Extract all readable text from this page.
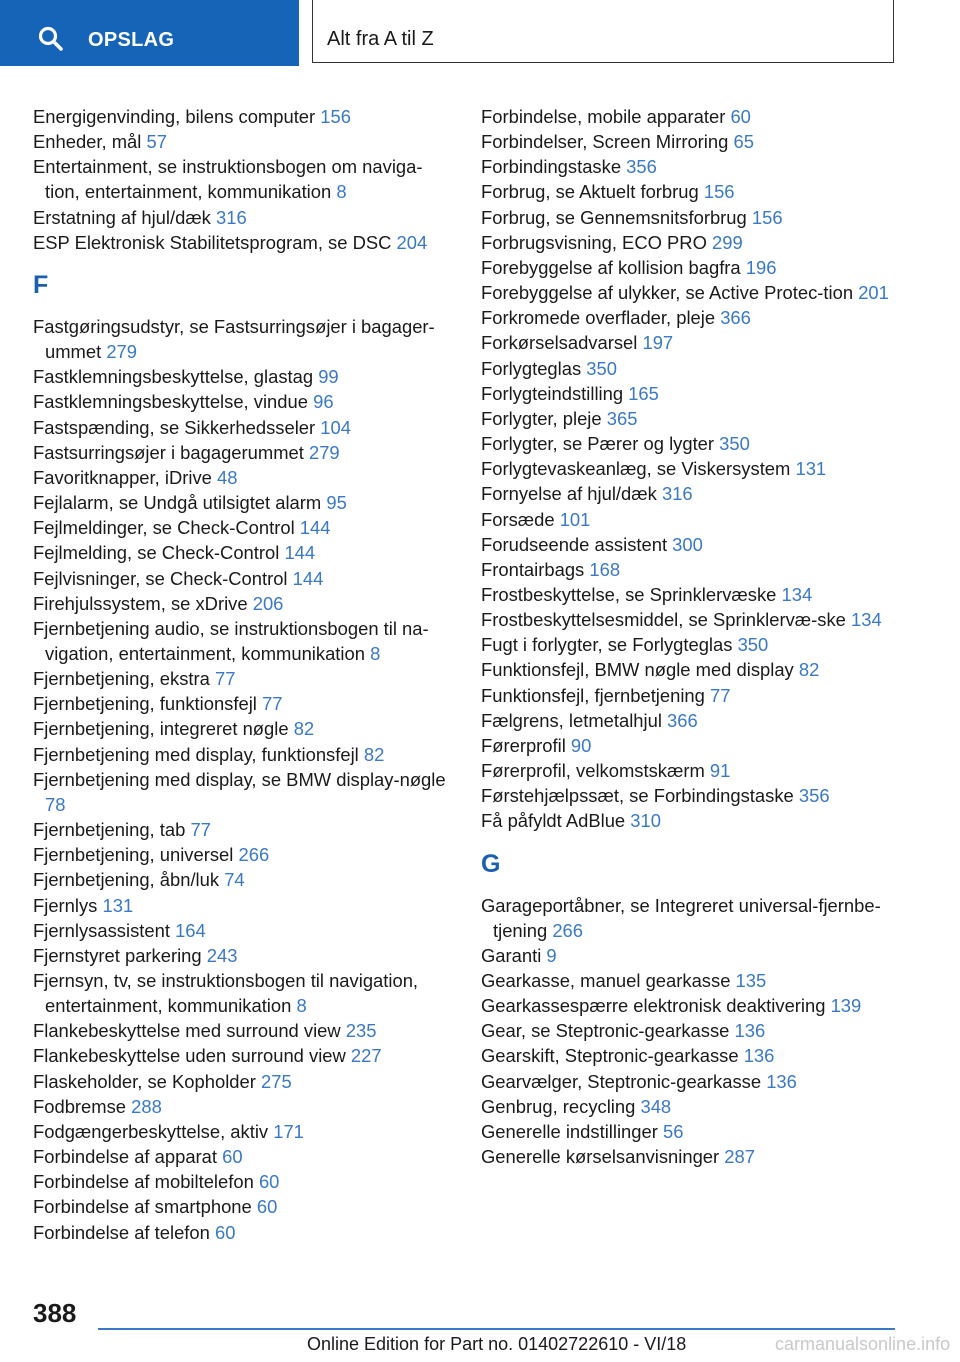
OPSLAG	Alt fra A til Z
Energigenvinding, bilens computer 156
Enheder, mål 57
Entertainment, se instruktionsbogen om naviga-tion, entertainment, kommunikation 8
Erstatning af hjul/dæk 316
ESP Elektronisk Stabilitetsprogram, se DSC 204
F
Fastgøringsudstyr, se Fastsurringsøjer i bagager-ummet 279
Fastklemningsbeskyttelse, glastag 99
Fastklemningsbeskyttelse, vindue 96
Fastspænding, se Sikkerhedsseler 104
Fastsurringsøjer i bagagerummet 279
Favoritknapper, iDrive 48
Fejlalarm, se Undgå utilsigtet alarm 95
Fejlmeldinger, se Check-Control 144
Fejlmelding, se Check-Control 144
Fejlvisninger, se Check-Control 144
Firehjulssystem, se xDrive 206
Fjernbetjening audio, se instruktionsbogen til na-vigation, entertainment, kommunikation 8
Fjernbetjening, ekstra 77
Fjernbetjening, funktionsfejl 77
Fjernbetjening, integreret nøgle 82
Fjernbetjening med display, funktionsfejl 82
Fjernbetjening med display, se BMW display-nøgle 78
Fjernbetjening, tab 77
Fjernbetjening, universel 266
Fjernbetjening, åbn/luk 74
Fjernlys 131
Fjernlysassistent 164
Fjernstyret parkering 243
Fjernsyn, tv, se instruktionsbogen til navigation, entertainment, kommunikation 8
Flankebeskyttelse med surround view 235
Flankebeskyttelse uden surround view 227
Flaskeholder, se Kopholder 275
Fodbremse 288
Fodgængerbeskyttelse, aktiv 171
Forbindelse af apparat 60
Forbindelse af mobiltelefon 60
Forbindelse af smartphone 60
Forbindelse af telefon 60
Forbindelse, mobile apparater 60
Forbindelser, Screen Mirroring 65
Forbindingstaske 356
Forbrug, se Aktuelt forbrug 156
Forbrug, se Gennemsnitsforbrug 156
Forbrugsvisning, ECO PRO 299
Forebyggelse af kollision bagfra 196
Forebyggelse af ulykker, se Active Protec-tion 201
Forkromede overflader, pleje 366
Forkørselsadvarsel 197
Forlygteglas 350
Forlygteindstilling 165
Forlygter, pleje 365
Forlygter, se Pærer og lygter 350
Forlygtevaskeanlæg, se Viskersystem 131
Fornyelse af hjul/dæk 316
Forsæde 101
Forudseende assistent 300
Frontairbags 168
Frostbeskyttelse, se Sprinklervæske 134
Frostbeskyttelsesmiddel, se Sprinklervæ-ske 134
Fugt i forlygter, se Forlygteglas 350
Funktionsfejl, BMW nøgle med display 82
Funktionsfejl, fjernbetjening 77
Fælgrens, letmetalhjul 366
Førerprofil 90
Førerprofil, velkomstskærm 91
Førstehjælpssæt, se Forbindingstaske 356
Få påfyldt AdBlue 310
G
Garageportåbner, se Integreret universal-fjernbe-tjening 266
Garanti 9
Gearkasse, manuel gearkasse 135
Gearkassespærre elektronisk deaktivering 139
Gear, se Steptronic-gearkasse 136
Gearskift, Steptronic-gearkasse 136
Gearvælger, Steptronic-gearkasse 136
Genbrug, recycling 348
Generelle indstillinger 56
Generelle kørselsanvisninger 287
388
Online Edition for Part no. 01402722610 - VI/18	carmanualsonline.info
